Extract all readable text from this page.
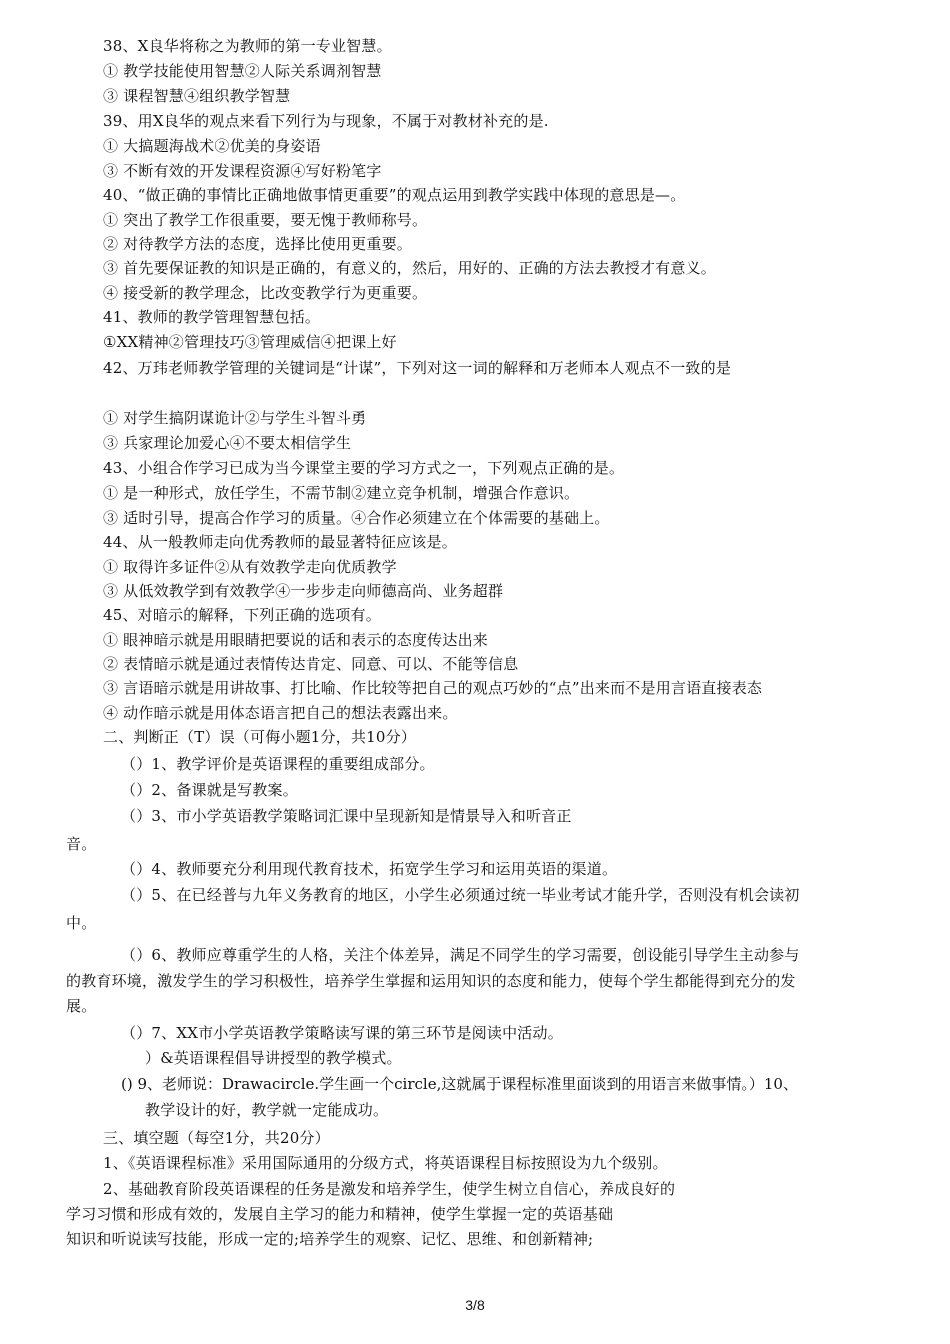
38、X良华将称之为教师的第一专业智慧。
① 教学技能使用智慧②人际关系调剂智慧
③ 课程智慧④组织教学智慧
39、用X良华的观点来看下列行为与现象，不属于对教材补充的是.
① 大搞题海战术②优美的身姿语
③ 不断有效的开发课程资源④写好粉笔字
40、“做正确的事情比正确地做事情更重要”的观点运用到教学实践中体现的意思是—。
① 突出了教学工作很重要，要无愧于教师称号。
② 对待教学方法的态度，选择比使用更重要。
③ 首先要保证教的知识是正确的，有意义的，然后，用好的、正确的方法去教授才有意义。
④ 接受新的教学理念，比改变教学行为更重要。
41、教师的教学管理智慧包括。
①XX精神②管理技巧③管理威信④把课上好
42、万玮老师教学管理的关键词是“计谋”，下列对这一词的解释和万老师本人观点不一致的是
① 对学生搞阴谋诡计②与学生斗智斗勇
③ 兵家理论加爱心④不要太相信学生
43、小组合作学习已成为当今课堂主要的学习方式之一，下列观点正确的是。
① 是一种形式，放任学生，不需节制②建立竞争机制，增强合作意识。
③ 适时引导，提高合作学习的质量。④合作必须建立在个体需要的基础上。
44、从一般教师走向优秀教师的最显著特征应该是。
① 取得许多证件②从有效教学走向优质教学
③ 从低效教学到有效教学④一步步走向师德高尚、业务超群
45、对暗示的解释，下列正确的选项有。
① 眼神暗示就是用眼睛把要说的话和表示的态度传达出来
② 表情暗示就是通过表情传达肯定、同意、可以、不能等信息
③ 言语暗示就是用讲故事、打比喻、作比较等把自己的观点巧妙的“点”出来而不是用言语直接表态
④ 动作暗示就是用体态语言把自己的想法表露出来。
二、判断正（T）误（可侮小题1分，共10分）
（）1、教学评价是英语课程的重要组成部分。
（）2、备课就是写教案。
（）3、市小学英语教学策略词汇课中呈现新知是情景导入和听音正
音。
（）4、教师要充分利用现代教育技术，拓宽学生学习和运用英语的渠道。
（）5、在已经普与九年义务教育的地区，小学生必须通过统一毕业考试才能升学，否则没有机会读初
中。
（）6、教师应尊重学生的人格，关注个体差异，满足不同学生的学习需要，创设能引导学生主动参与
的教育环境，激发学生的学习积极性，培养学生掌握和运用知识的态度和能力，使每个学生都能得到充分的发
展。
（）7、XX市小学英语教学策略读写课的第三环节是阅读中活动。
）&英语课程倡导讲授型的教学模式。
() 9、老师说：Drawacircle.学生画一个circle,这就属于课程标准里面谈到的用语言来做事情。）10、
教学设计的好，教学就一定能成功。
三、填空题（每空1分，共20分）
1、《英语课程标准》采用国际通用的分级方式，将英语课程目标按照设为九个级别。
2、基础教育阶段英语课程的任务是激发和培养学生，使学生树立自信心，养成良好的
学习习惯和形成有效的，发展自主学习的能力和精神，使学生掌握一定的英语基础
知识和听说读写技能，形成一定的;培养学生的观察、记忆、思维、和创新精神;
3/8
